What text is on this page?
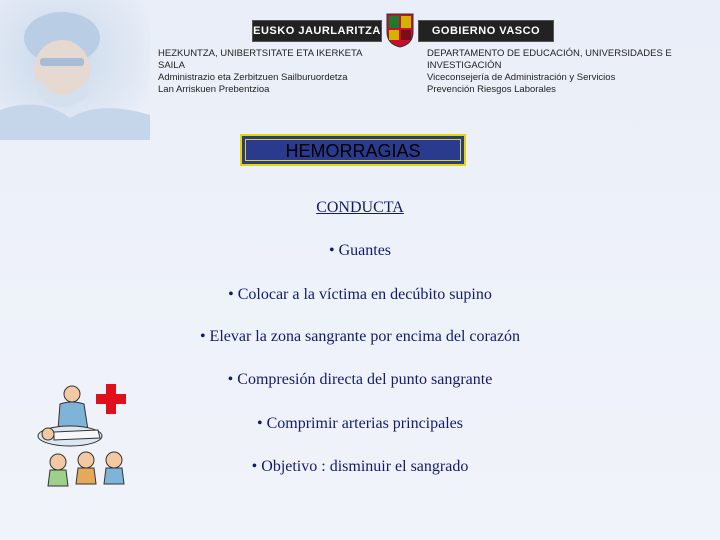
EUSKO JAURLARITZA	GOBIERNO VASCO
HEZKUNTZA, UNIBERTSITATE ETA IKERKETA
SAILA
Administrazio eta Zerbitzuen Sailburuordetza
Lan Arriskuen Prebentzioa
DEPARTAMENTO DE EDUCACIÓN, UNIVERSIDADES E
INVESTIGACIÓN
Viceconsejería de Administración y Servicios
Prevención Riesgos Laborales
HEMORRAGIAS
CONDUCTA
• Guantes
• Colocar a la víctima en decúbito supino
• Elevar la zona sangrante por encima del corazón
• Compresión directa del punto sangrante
• Comprimir arterias principales
• Objetivo : disminuir el sangrado
